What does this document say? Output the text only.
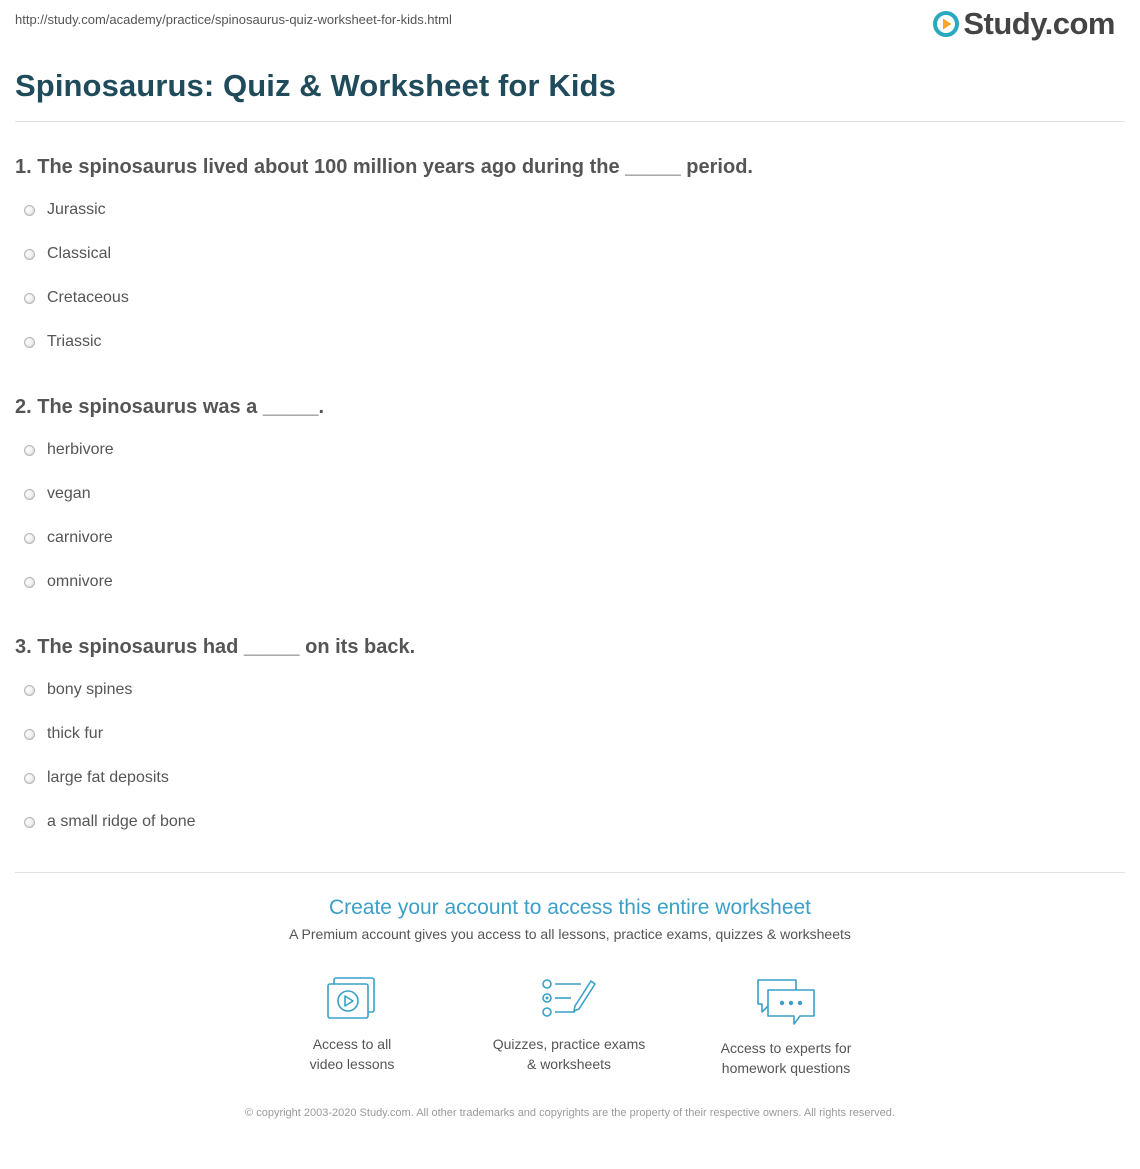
http://study.com/academy/practice/spinosaurus-quiz-worksheet-for-kids.html	Study.com
Spinosaurus: Quiz & Worksheet for Kids
1. The spinosaurus lived about 100 million years ago during the _____ period.
Jurassic
Classical
Cretaceous
Triassic
2. The spinosaurus was a _____.
herbivore
vegan
carnivore
omnivore
3. The spinosaurus had _____ on its back.
bony spines
thick fur
large fat deposits
a small ridge of bone
Create your account to access this entire worksheet
A Premium account gives you access to all lessons, practice exams, quizzes & worksheets
Access to all
video lessons
Quizzes, practice exams
& worksheets
Access to experts for
homework questions
© copyright 2003-2020 Study.com. All other trademarks and copyrights are the property of their respective owners. All rights reserved.
